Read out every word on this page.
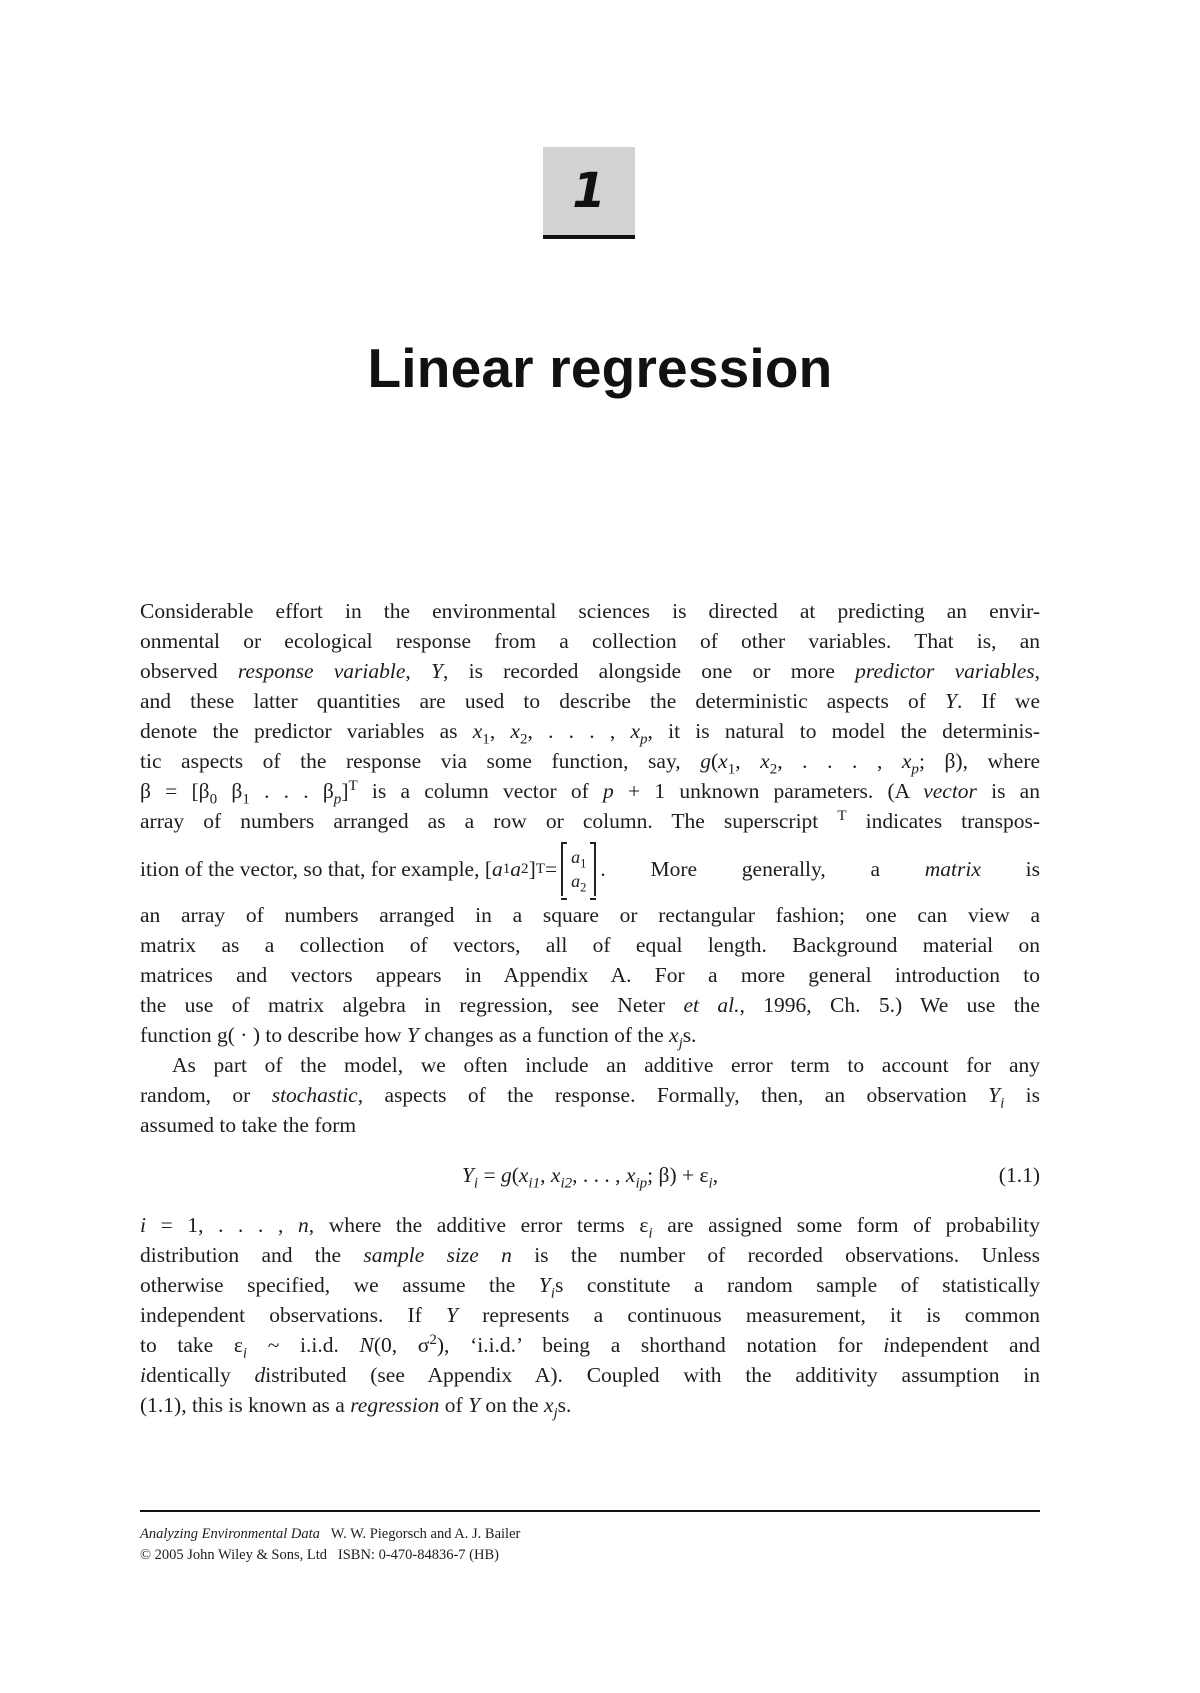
1
Linear regression
Considerable effort in the environmental sciences is directed at predicting an envir-
onmental or ecological response from a collection of other variables. That is, an
observed response variable, Y, is recorded alongside one or more predictor variables,
and these latter quantities are used to describe the deterministic aspects of Y. If we
denote the predictor variables as $x_1$, $x_2$, . . . , $x_p$, it is natural to model the determinis-
tic aspects of the response via some function, say, $g(x_1$, $x_2$, . . . , $x_p$; β), where
$\beta = [\beta_0$ $\beta_1$ . . . $\beta_p]^T$ is a column vector of p + 1 unknown parameters. (A vector is an
array of numbers arranged as a row or column. The superscript $^T$ indicates transpos-
ition of the vector, so that, for example, [ a 1 a 2 ] $T = a_1$
$a_2$
. More generally, a matrix is
an array of numbers arranged in a square or rectangular fashion; one can view a
matrix as a collection of vectors, all of equal length. Background material on
matrices and vectors appears in Appendix A. For a more general introduction to
the use of matrix algebra in regression, see Neter et al., 1996, Ch. 5.) We use the
function g( · ) to describe how Y changes as a function of the $x_js$.
As part of the model, we often include an additive error term to account for any
random, or stochastic, aspects of the response. Formally, then, an observation $Y_i$ is
assumed to take the form
$Y_i = g(x_{i1}$, $x_{i2}$, . . . , $x_{ip}$; $\beta) + \varepsilon_i$,	(1.1)
i = 1, . . . , n, where the additive error terms $\varepsilon_i$ are assigned some form of probability
distribution and the sample size n is the number of recorded observations. Unless
otherwise specified, we assume the $Y_is$ constitute a random sample of statistically
independent observations. If Y represents a continuous measurement, it is common
to take $\varepsilon_i$ ~ i.i.d. N(0, $\sigma^2$), ‘i.i.d.’ being a shorthand notation for independent and
identically distributed (see Appendix A). Coupled with the additivity assumption in
(1.1), this is known as a regression of Y on the $x_js$.
Analyzing Environmental Data W. W. Piegorsch and A. J. Bailer
© 2005 John Wiley & Sons, Ltd ISBN: 0-470-84836-7 (HB)
